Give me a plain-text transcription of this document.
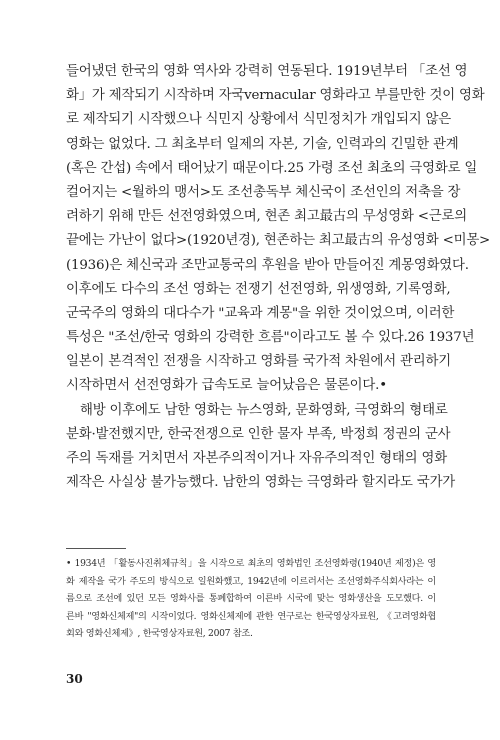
들어냈던 한국의 영화 역사와 강력히 연동된다. 1919년부터 「조선 영
화」가 제작되기 시작하며 자국vernacular 영화라고 부를만한 것이 영화
로 제작되기 시작했으나 식민지 상황에서 식민정치가 개입되지 않은
영화는 없었다. 그 최초부터 일제의 자본, 기술, 인력과의 긴밀한 관계
(혹은 간섭) 속에서 태어났기 때문이다.25 가령 조선 최초의 극영화로 일
컬어지는 <월하의 맹서>도 조선총독부 체신국이 조선인의 저축을 장
려하기 위해 만든 선전영화였으며, 현존 최고最古의 무성영화 <근로의
끝에는 가난이 없다>(1920년경), 현존하는 최고最古의 유성영화 <미몽>
(1936)은 체신국과 조만교통국의 후원을 받아 만들어진 계몽영화였다.
이후에도 다수의 조선 영화는 전쟁기 선전영화, 위생영화, 기록영화,
군국주의 영화의 대다수가 "교육과 계몽"을 위한 것이었으며, 이러한
특성은 "조선/한국 영화의 강력한 흐름"이라고도 볼 수 있다.26 1937년
일본이 본격적인 전쟁을 시작하고 영화를 국가적 차원에서 관리하기
시작하면서 선전영화가 급속도로 늘어났음은 물론이다.•
해방 이후에도 남한 영화는 뉴스영화, 문화영화, 극영화의 형태로
분화·발전했지만, 한국전쟁으로 인한 물자 부족, 박정희 정권의 군사
주의 독재를 거치면서 자본주의적이거나 자유주의적인 형태의 영화
제작은 사실상 불가능했다. 남한의 영화는 극영화라 할지라도 국가가
• 1934년 「활동사진취체규칙」을 시작으로 최초의 영화법인 조선영화령(1940년 제정)은 영
화 제작을 국가 주도의 방식으로 일원화했고, 1942년에 이르러서는 조선영화주식회사라는 이
름으로 조선에 있던 모든 영화사를 통폐합하여 이른바 시국에 맞는 영화생산을 도모했다. 이
른바 "영화신체제"의 시작이었다. 영화신체제에 관한 연구로는 한국영상자료원, 《고려영화협
회와 영화신체제》, 한국영상자료원, 2007 참조.
30
